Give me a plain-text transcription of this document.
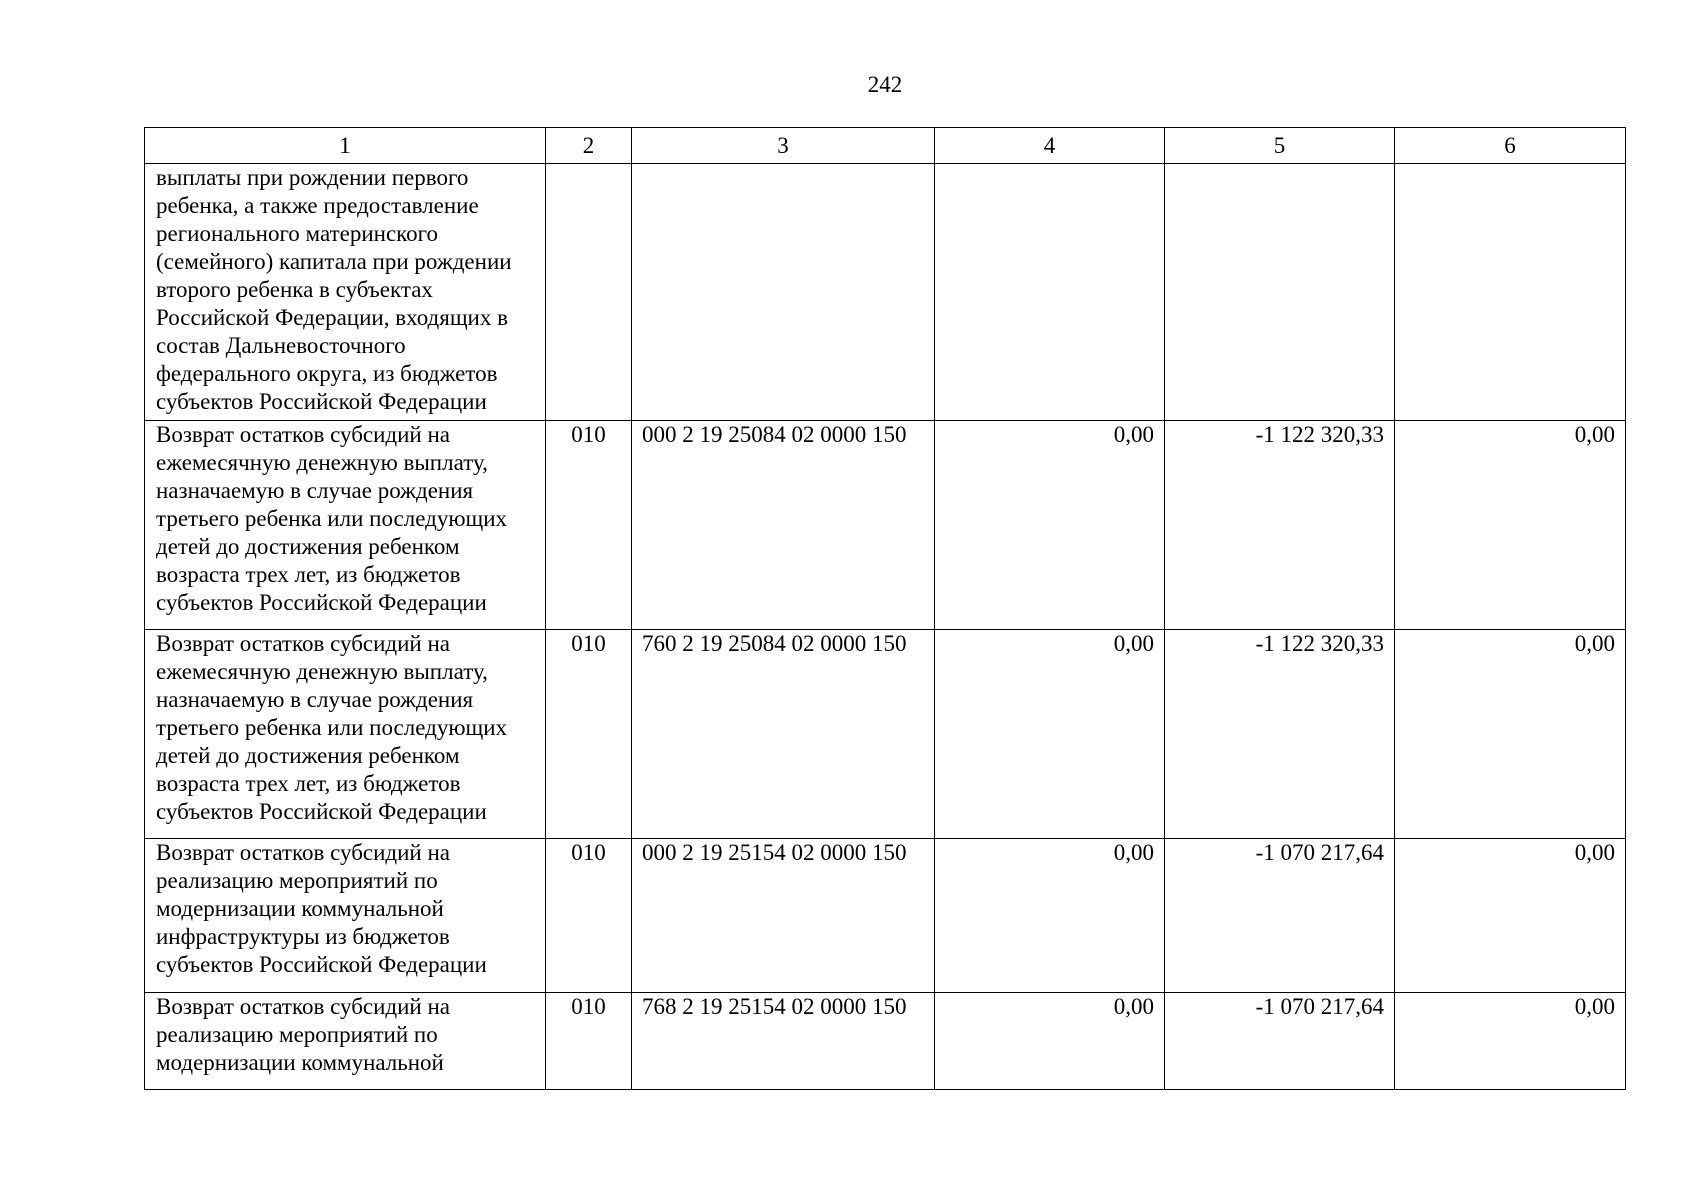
242
1	2	3	4	5	6
выплаты при рождении первого ребенка, а также предоставление регионального материнского (семейного) капитала при рождении второго ребенка в субъектах Российской Федерации, входящих в состав Дальневосточного федерального округа, из бюджетов субъектов Российской Федерации					
Возврат остатков субсидий на ежемесячную денежную выплату, назначаемую в случае рождения третьего ребенка или последующих детей до достижения ребенком возраста трех лет, из бюджетов субъектов Российской Федерации	010	000 2 19 25084 02 0000 150	0,00	-1 122 320,33	0,00
Возврат остатков субсидий на ежемесячную денежную выплату, назначаемую в случае рождения третьего ребенка или последующих детей до достижения ребенком возраста трех лет, из бюджетов субъектов Российской Федерации	010	760 2 19 25084 02 0000 150	0,00	-1 122 320,33	0,00
Возврат остатков субсидий на реализацию мероприятий по модернизации коммунальной инфраструктуры из бюджетов субъектов Российской Федерации	010	000 2 19 25154 02 0000 150	0,00	-1 070 217,64	0,00
Возврат остатков субсидий на реализацию мероприятий по модернизации коммунальной	010	768 2 19 25154 02 0000 150	0,00	-1 070 217,64	0,00
